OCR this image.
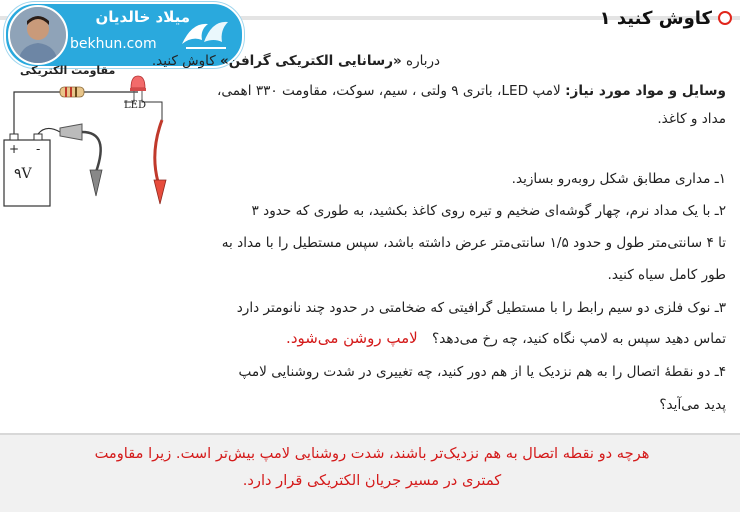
کاوش کنید ۱
میلاد خالدیان
bekhun.com
درباره «رسانایی الکتریکی گرافن» کاوش کنید.
مقاومت الکتریکی
LED
+ -
۹V
وسایل و مواد مورد نیاز: لامپ LED، باتری ۹ ولتی ، سیم، سوکت، مقاومت ۳۳۰ اهمی،
مداد و کاغذ.
۱ـ مداری مطابق شکل روبه‌رو بسازید.
۲ـ با یک مداد نرم، چهار گوشه‌ای ضخیم و تیره روی کاغذ بکشید، به طوری که حدود ۳
تا ۴ سانتی‌متر طول و حدود ۱/۵ سانتی‌متر عرض داشته باشد، سپس مستطیل را با مداد به
طور کامل سیاه کنید.
۳ـ نوک فلزی دو سیم رابط را با مستطیل گرافیتی که ضخامتی در حدود چند نانومتر دارد
تماس دهید سپس به لامپ نگاه کنید، چه رخ می‌دهد؟ لامپ روشن می‌شود.
۴ـ دو نقطهٔ اتصال را به هم نزدیک یا از هم دور کنید، چه تغییری در شدت روشنایی لامپ
پدید می‌آید؟
هرچه دو نقطه اتصال به هم نزدیک‌تر باشند، شدت روشنایی لامپ بیش‌تر است. زیرا مقاومت
کمتری در مسیر جریان الکتریکی قرار دارد.
